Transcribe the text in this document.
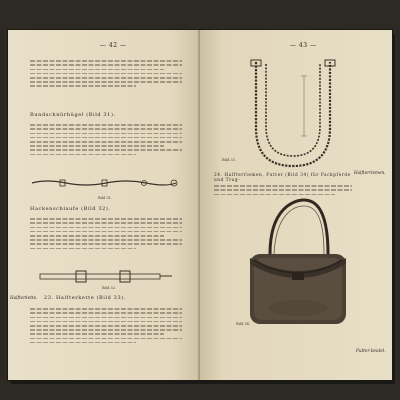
— 42 —
Rundschnürbügel (Bild 31).
Bild 31.
Hackenschlaufe (Bild 32).
Bild 32.
Halfterkette. 23. Halfterkette (Bild 33).
— 43 —
Bild 33.
Halfterriemen.
24. Halfterriemen, Futter (Bild 34) für Packpferde und Trag-
Bild 34.
Futter-beutel.
